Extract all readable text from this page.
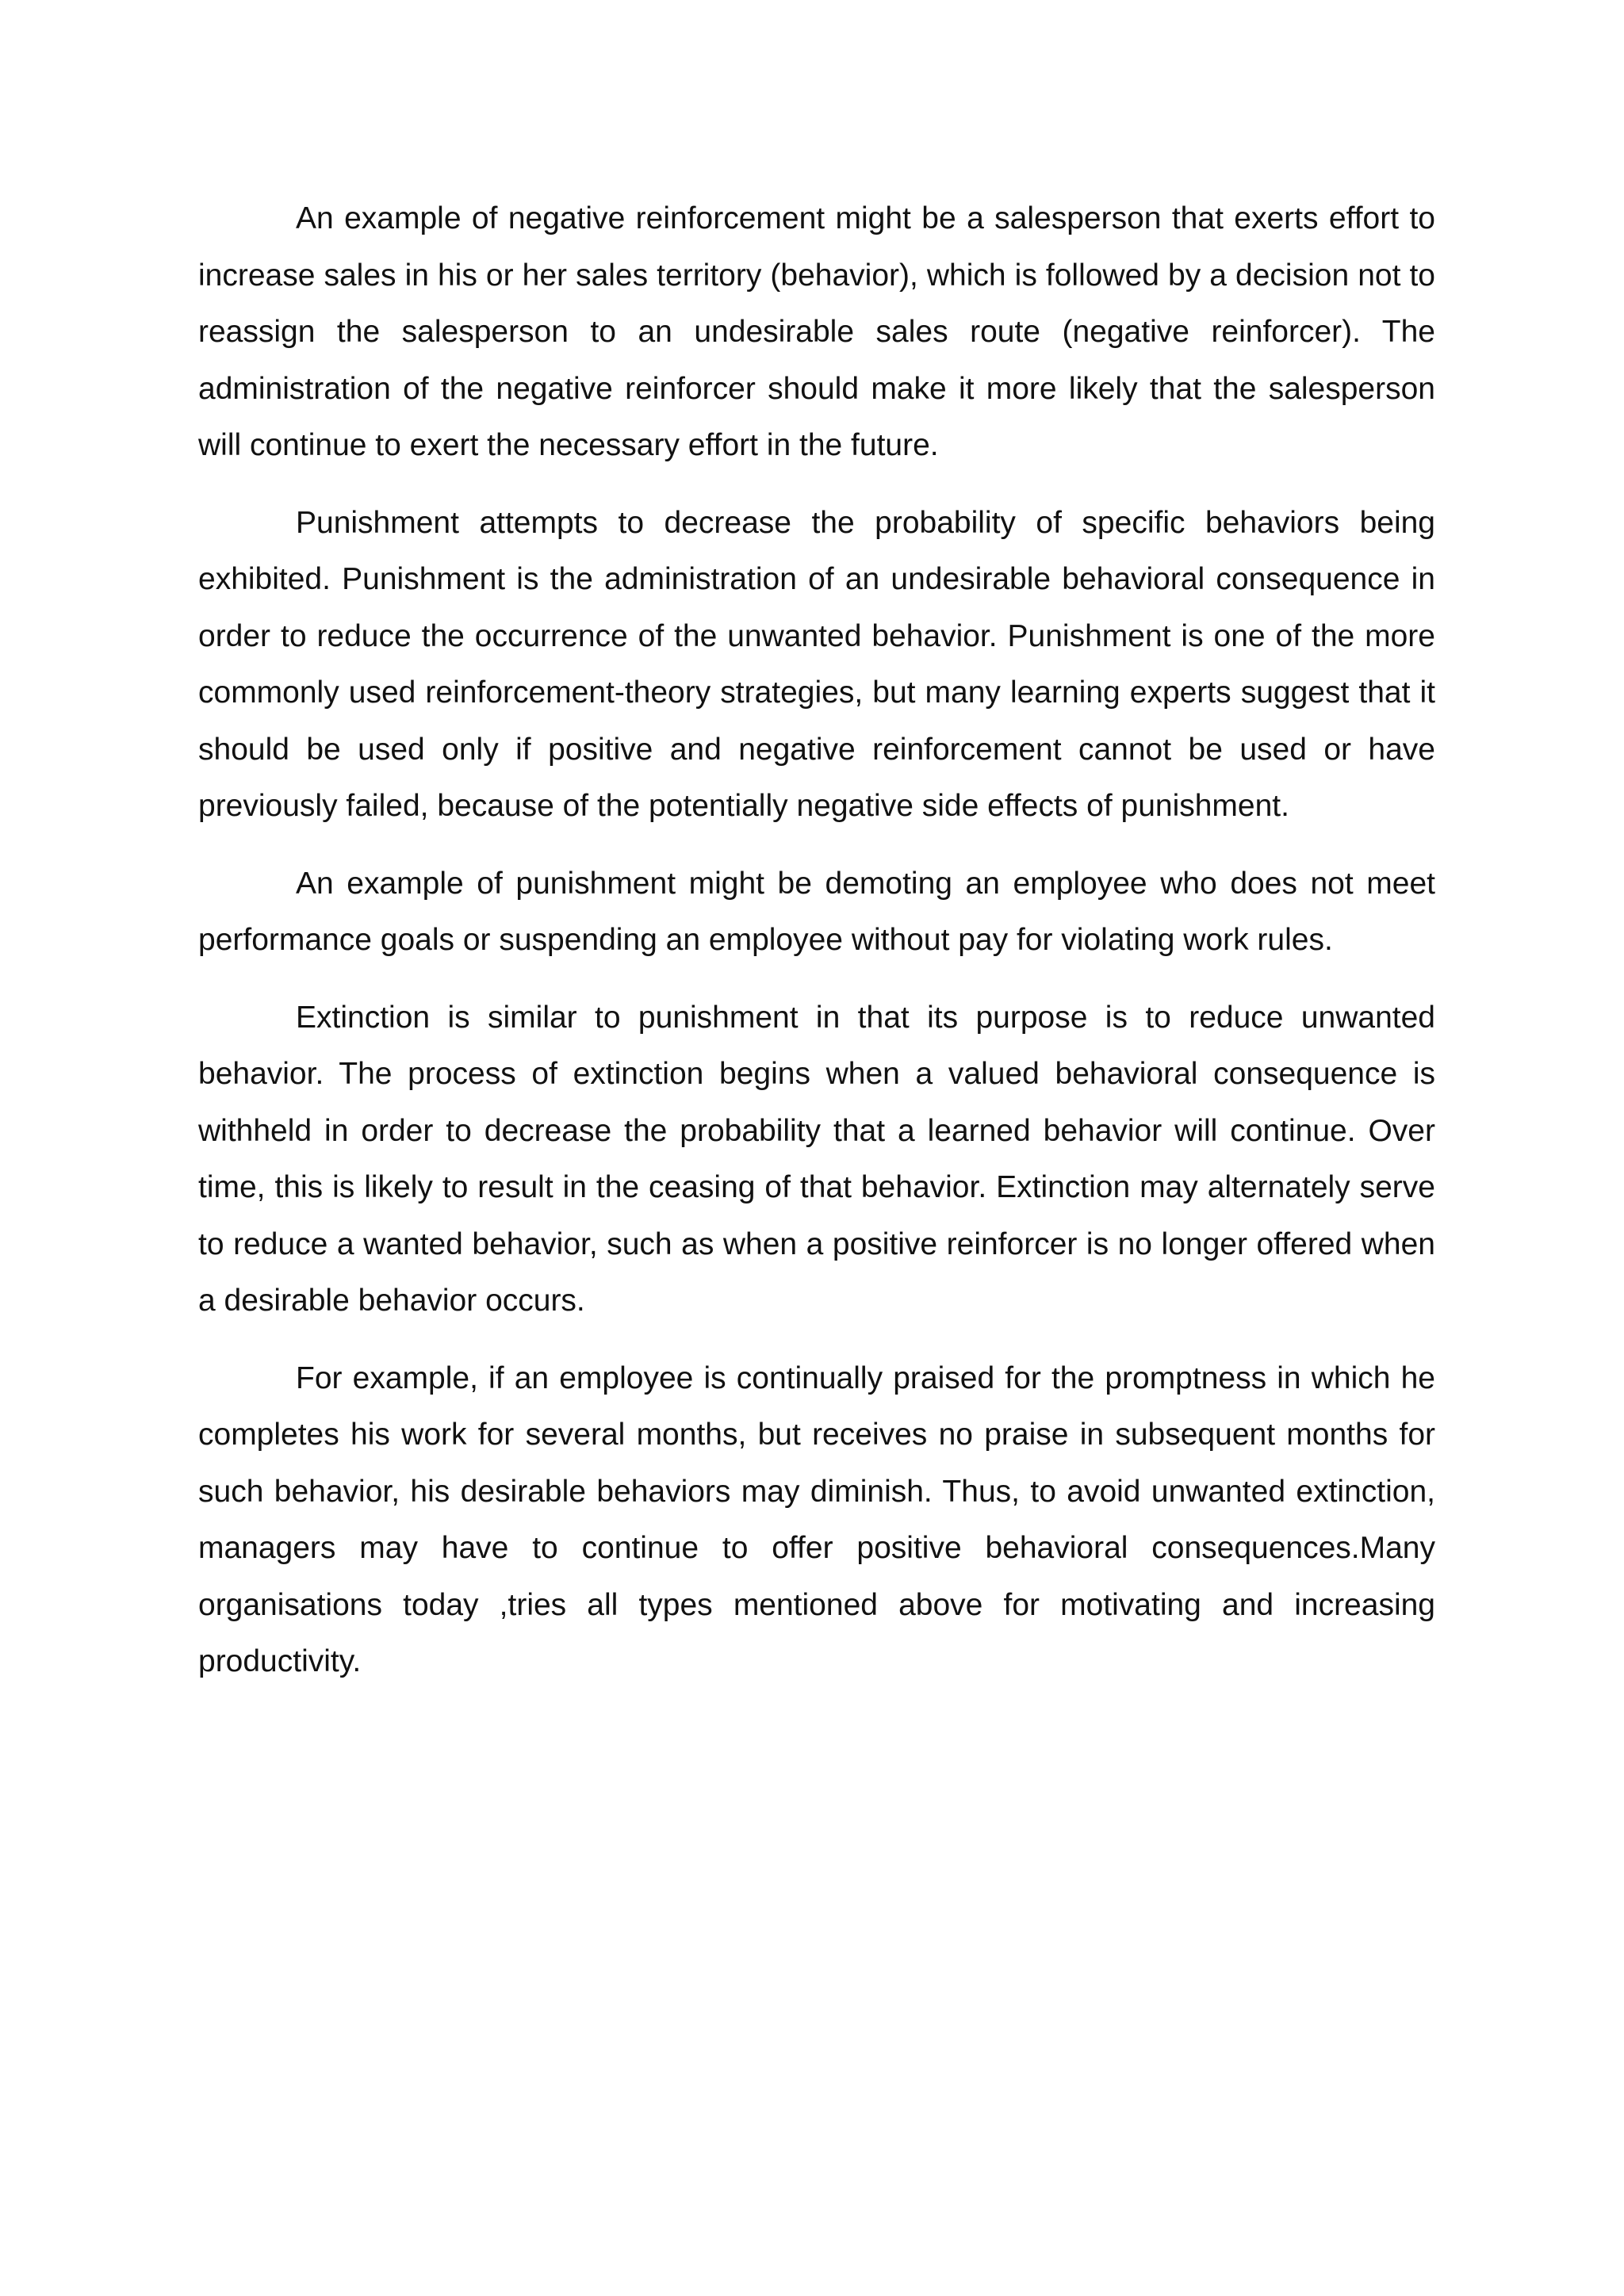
An example of negative reinforcement might be a salesperson that exerts effort to increase sales in his or her sales territory (behavior), which is followed by a decision not to reassign the salesperson to an undesirable sales route (negative reinforcer). The administration of the negative reinforcer should make it more likely that the salesperson will continue to exert the necessary effort in the future.

Punishment attempts to decrease the probability of specific behaviors being exhibited. Punishment is the administration of an undesirable behavioral consequence in order to reduce the occurrence of the unwanted behavior. Punishment is one of the more commonly used reinforcement-theory strategies, but many learning experts suggest that it should be used only if positive and negative reinforcement cannot be used or have previously failed, because of the potentially negative side effects of punishment.

An example of punishment might be demoting an employee who does not meet performance goals or suspending an employee without pay for violating work rules.

Extinction is similar to punishment in that its purpose is to reduce unwanted behavior. The process of extinction begins when a valued behavioral consequence is withheld in order to decrease the probability that a learned behavior will continue. Over time, this is likely to result in the ceasing of that behavior. Extinction may alternately serve to reduce a wanted behavior, such as when a positive reinforcer is no longer offered when a desirable behavior occurs.

For example, if an employee is continually praised for the promptness in which he completes his work for several months, but receives no praise in subsequent months for such behavior, his desirable behaviors may diminish. Thus, to avoid unwanted extinction, managers may have to continue to offer positive behavioral consequences.Many organisations today ,tries all types mentioned above for motivating and increasing productivity.
